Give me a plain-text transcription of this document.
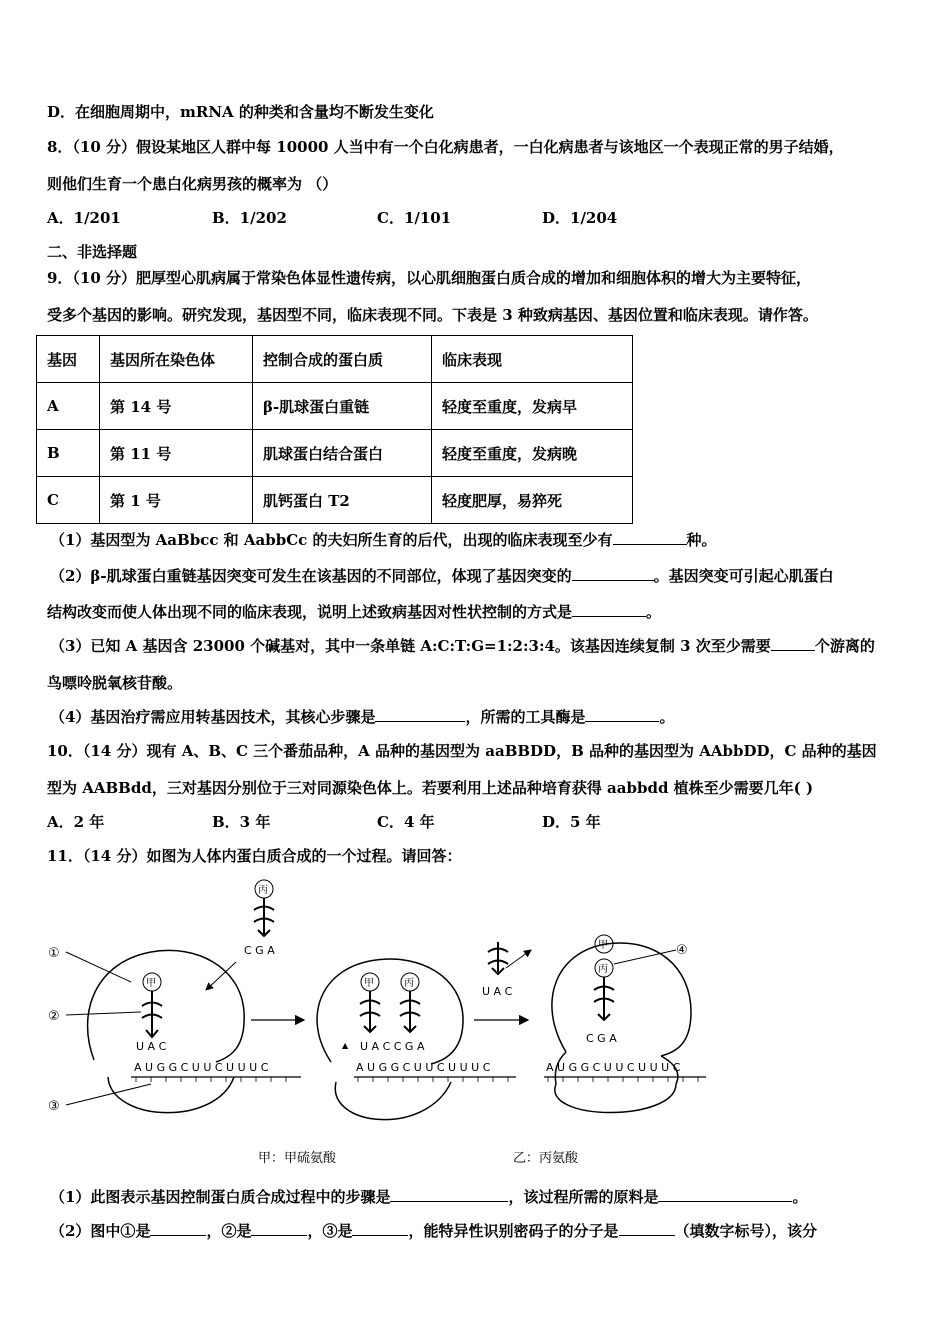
D．在细胞周期中，mRNA 的种类和含量均不断发生变化
8．（10 分）假设某地区人群中每 10000 人当中有一个白化病患者，一白化病患者与该地区一个表现正常的男子结婚，
则他们生育一个患白化病男孩的概率为 （）
A．1/201	B．1/202	C．1/101	D．1/204
二、非选择题
9．（10 分）肥厚型心肌病属于常染色体显性遗传病，以心肌细胞蛋白质合成的增加和细胞体积的增大为主要特征，
受多个基因的影响。研究发现，基因型不同，临床表现不同。下表是 3 种致病基因、基因位置和临床表现。请作答。
基因	基因所在染色体	控制合成的蛋白质	临床表现
A	第 14 号	β-肌球蛋白重链	轻度至重度，发病早
B	第 11 号	肌球蛋白结合蛋白	轻度至重度，发病晚
C	第 1 号	肌钙蛋白 T2	轻度肥厚，易猝死
（1）基因型为 AaBbcc 和 AabbCc 的夫妇所生育的后代，出现的临床表现至少有	种。
（2）β-肌球蛋白重链基因突变可发生在该基因的不同部位，体现了基因突变的	。基因突变可引起心肌蛋白
结构改变而使人体出现不同的临床表现，说明上述致病基因对性状控制的方式是	。
（3）已知 A 基因含 23000 个碱基对，其中一条单链 A:C:T:G=1:2:3:4。该基因连续复制 3 次至少需要	个游离的
鸟嘌呤脱氧核苷酸。
（4）基因治疗需应用转基因技术，其核心步骤是	，所需的工具酶是	。
10．（14 分）现有 A、B、C 三个番茄品种，A 品种的基因型为 aaBBDD，B 品种的基因型为 AAbbDD，C 品种的基因
型为 AABBdd，三对基因分别位于三对同源染色体上。若要利用上述品种培育获得 aabbdd 植株至少需要几年( )
A．2 年	B．3 年	C．4 年	D．5 年
11．（14 分）如图为人体内蛋白质合成的一个过程。请回答：
A U G G C U U C U U U C
U A C
甲
丙
C G A
①
②
③
A U G G C U U C U U U C
U A C C G A
甲	丙
▲
U A C
A U G G C U U C U U U C
C G A
甲
丙
④
甲：甲硫氨酸	乙：丙氨酸
（1）此图表示基因控制蛋白质合成过程中的步骤是	，该过程所需的原料是	。
（2）图中①是	，②是	，③是	，能特异性识别密码子的分子是	（填数字标号），该分
